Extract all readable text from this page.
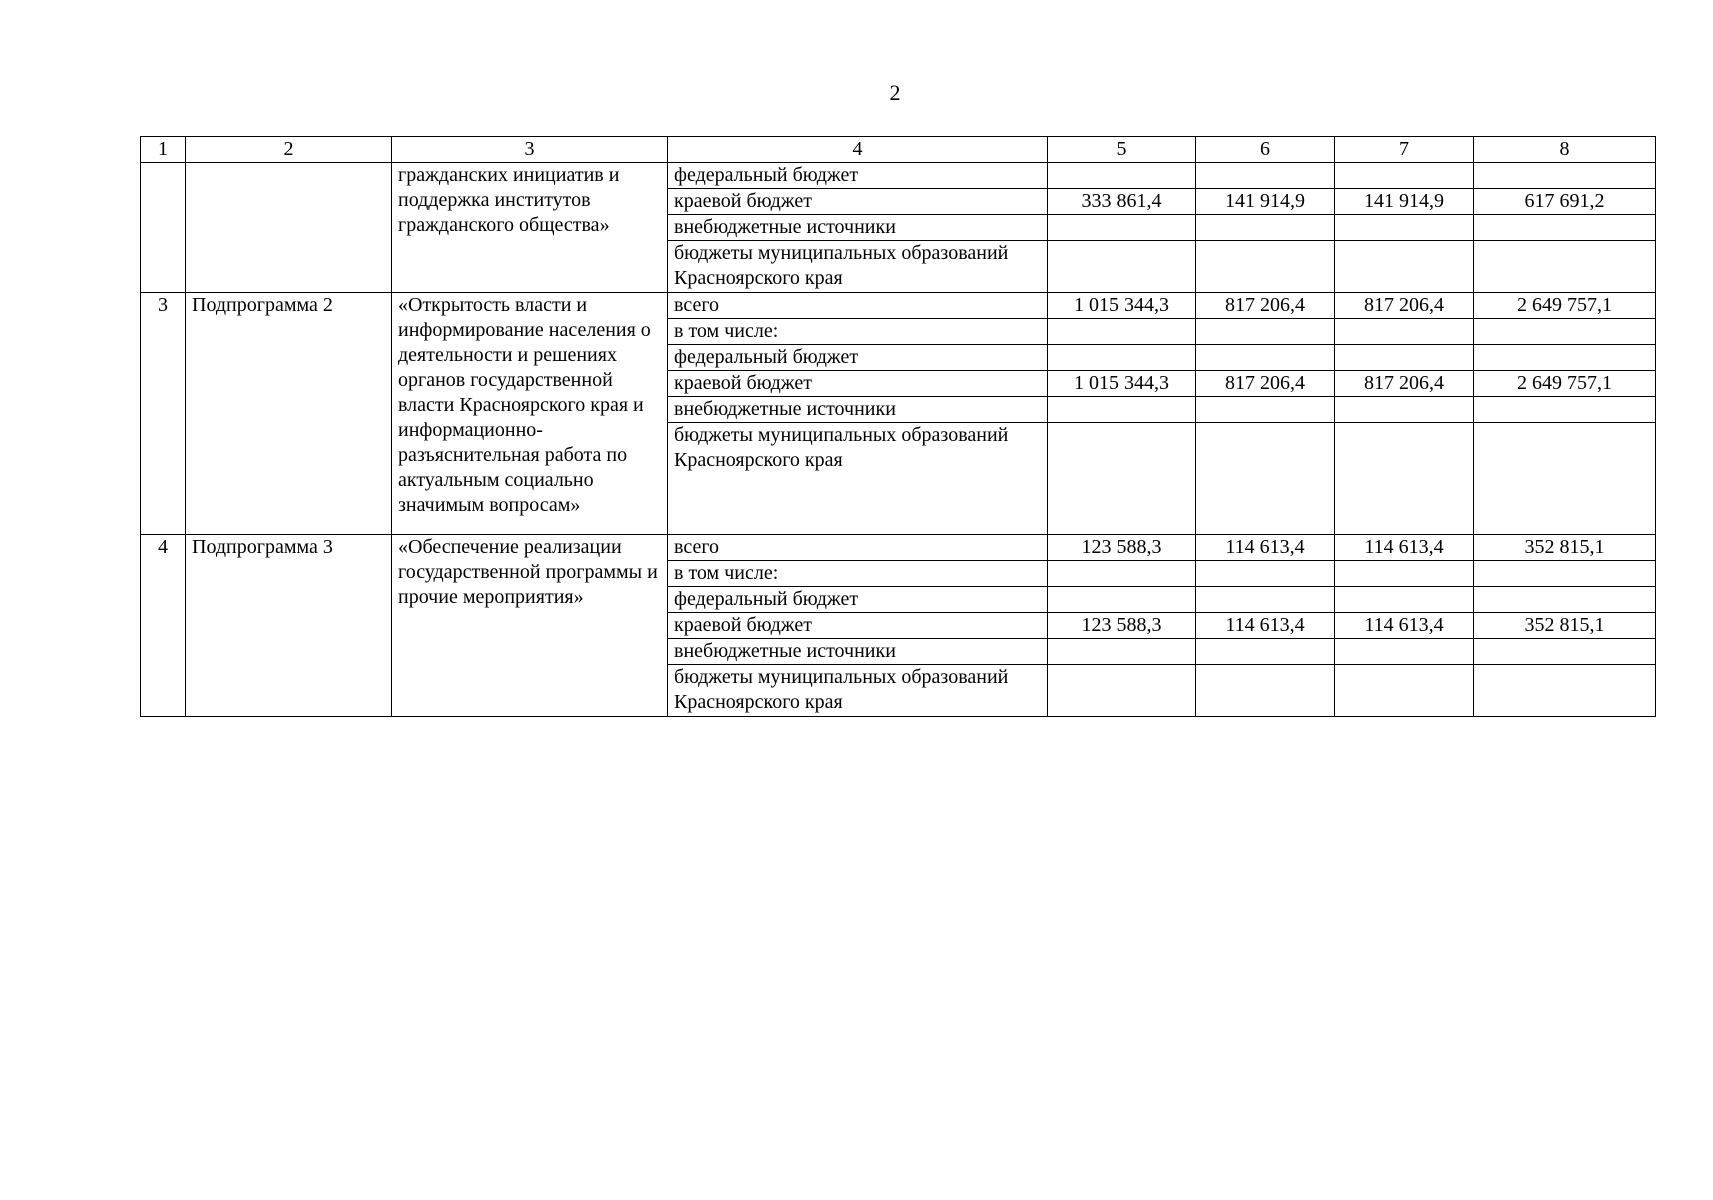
2
1	2	3	4	5	6	7	8
		гражданских инициатив и поддержка институтов гражданского общества»	федеральный бюджет				
			краевой бюджет	333 861,4	141 914,9	141 914,9	617 691,2
			внебюджетные источники				
			бюджеты муниципальных образований Красноярского края				
3	Подпрограмма 2	«Открытость власти и информирование населения о деятельности и решениях органов государственной власти Красноярского края и информационно-разъяснительная работа по актуальным социально значимым вопросам»	всего	1 015 344,3	817 206,4	817 206,4	2 649 757,1
			в том числе:				
			федеральный бюджет				
			краевой бюджет	1 015 344,3	817 206,4	817 206,4	2 649 757,1
			внебюджетные источники				
			бюджеты муниципальных образований Красноярского края				
4	Подпрограмма 3	«Обеспечение реализации государственной программы и прочие мероприятия»	всего	123 588,3	114 613,4	114 613,4	352 815,1
			в том числе:				
			федеральный бюджет				
			краевой бюджет	123 588,3	114 613,4	114 613,4	352 815,1
			внебюджетные источники				
			бюджеты муниципальных образований Красноярского края				
